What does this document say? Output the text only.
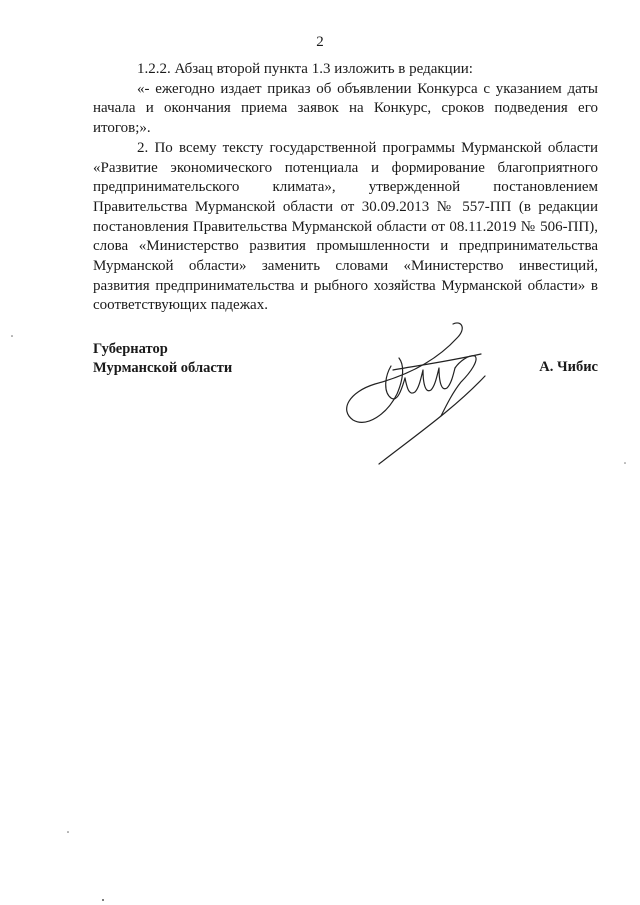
2

1.2.2. Абзац второй пункта 1.3 изложить в редакции:

«- ежегодно издает приказ об объявлении Конкурса с указанием даты начала и окончания приема заявок на Конкурс, сроков подведения его итогов;».

2. По всему тексту государственной программы Мурманской области «Развитие экономического потенциала и формирование благоприятного предпринимательского климата», утвержденной постановлением Правительства Мурманской области от 30.09.2013 № 557-ПП (в редакции постановления Правительства Мурманской области от 08.11.2019 № 506-ПП), слова «Министерство развития промышленности и предпринимательства Мурманской области» заменить словами «Министерство инвестиций, развития предпринимательства и рыбного хозяйства Мурманской области» в соответствующих падежах.

Губернатор
Мурманской области	А. Чибис
